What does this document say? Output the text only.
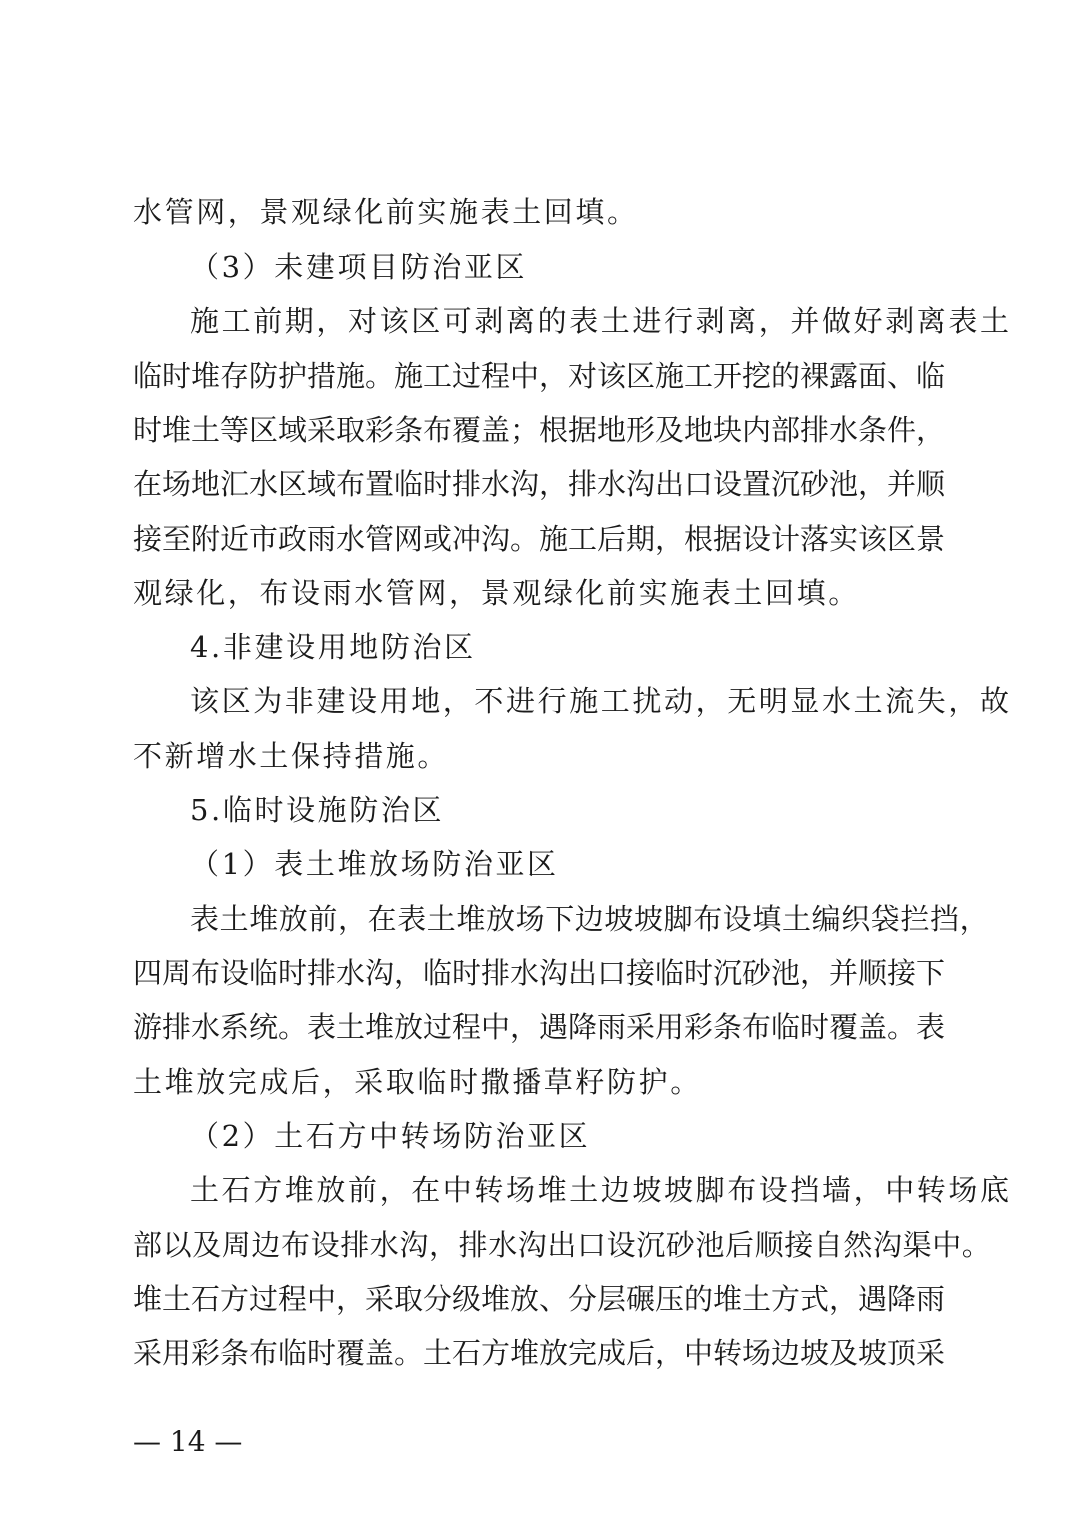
水管网，景观绿化前实施表土回填。
（3）未建项目防治亚区
施工前期，对该区可剥离的表土进行剥离，并做好剥离表土
临时堆存防护措施。施工过程中，对该区施工开挖的裸露面、临
时堆土等区域采取彩条布覆盖；根据地形及地块内部排水条件，
在场地汇水区域布置临时排水沟，排水沟出口设置沉砂池，并顺
接至附近市政雨水管网或冲沟。施工后期，根据设计落实该区景
观绿化，布设雨水管网，景观绿化前实施表土回填。
4.非建设用地防治区
该区为非建设用地，不进行施工扰动，无明显水土流失，故
不新增水土保持措施。
5.临时设施防治区
（1）表土堆放场防治亚区
表土堆放前，在表土堆放场下边坡坡脚布设填土编织袋拦挡，
四周布设临时排水沟，临时排水沟出口接临时沉砂池，并顺接下
游排水系统。表土堆放过程中，遇降雨采用彩条布临时覆盖。表
土堆放完成后，采取临时撒播草籽防护。
（2）土石方中转场防治亚区
土石方堆放前，在中转场堆土边坡坡脚布设挡墙，中转场底
部以及周边布设排水沟，排水沟出口设沉砂池后顺接自然沟渠中。
堆土石方过程中，采取分级堆放、分层碾压的堆土方式，遇降雨
采用彩条布临时覆盖。土石方堆放完成后，中转场边坡及坡顶采
— 14 —
